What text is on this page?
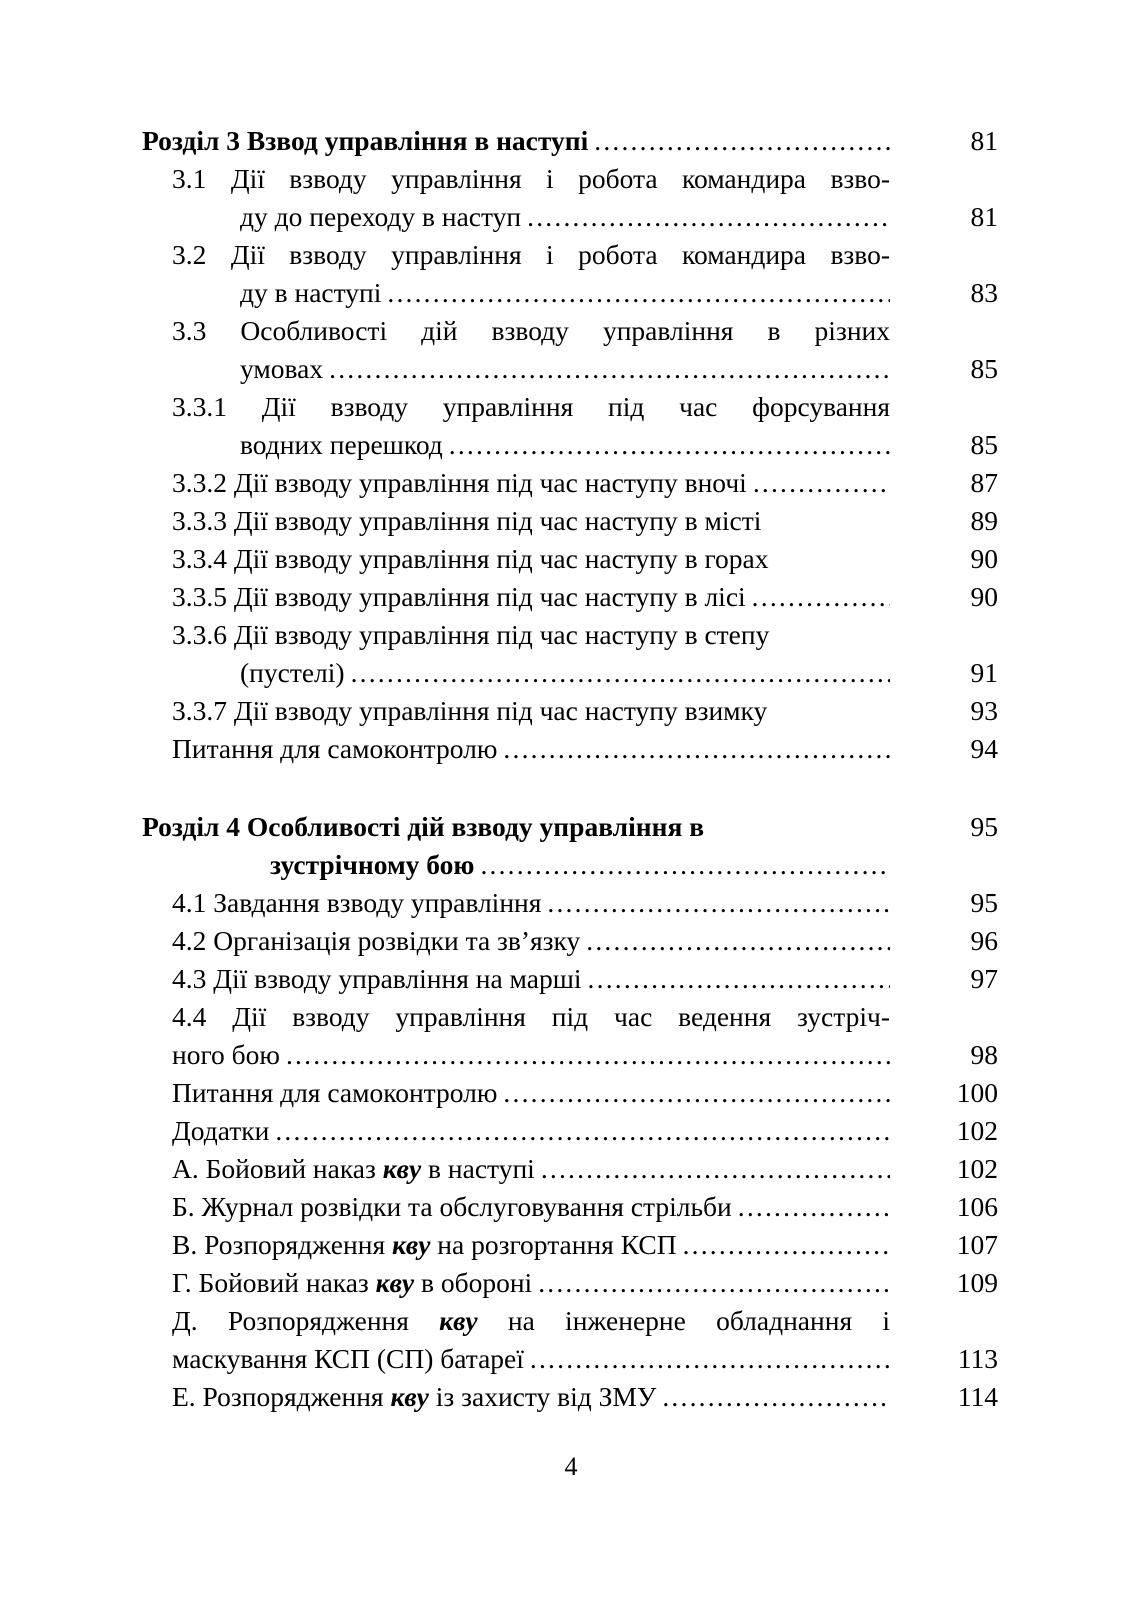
Розділ 3 Взвод управління в наступі .....	81
3.1 Дії взводу управління і робота командира взво-
ду до переходу в наступ .....	81
3.2 Дії взводу управління і робота командира взво-
ду в наступі .....	83
3.3 Особливості дій взводу управління в різних
умовах .....	85
3.3.1 Дії взводу управління під час форсування
водних перешкод .....	85
3.3.2 Дії взводу управління під час наступу вночі .....	87
3.3.3 Дії взводу управління під час наступу в місті	89
3.3.4 Дії взводу управління під час наступу в горах	90
3.3.5 Дії взводу управління під час наступу в лісі .....	90
3.3.6 Дії взводу управління під час наступу в степу
(пустелі) .....	91
3.3.7 Дії взводу управління під час наступу взимку	93
Питання для самоконтролю .....	94
Розділ 4 Особливості дій взводу управління в	95
зустрічному бою
.....
4.1 Завдання взводу управління .....	95
4.2 Організація розвідки та зв’язку .....	96
4.3 Дії взводу управління на марші .....	97
4.4 Дії взводу управління під час ведення зустріч-
ного бою .....	98
Питання для самоконтролю .....	100
Додатки .....	102
А. Бойовий наказ кву в наступі .....	102
Б. Журнал розвідки та обслуговування стрільби .....	106
В. Розпорядження кву на розгортання КСП .....	107
Г. Бойовий наказ кву в обороні .....	109
Д. Розпорядження кву на інженерне обладнання і
маскування КСП (СП) батареї .....	113
Е. Розпорядження кву із захисту від ЗМУ .....	114
4
